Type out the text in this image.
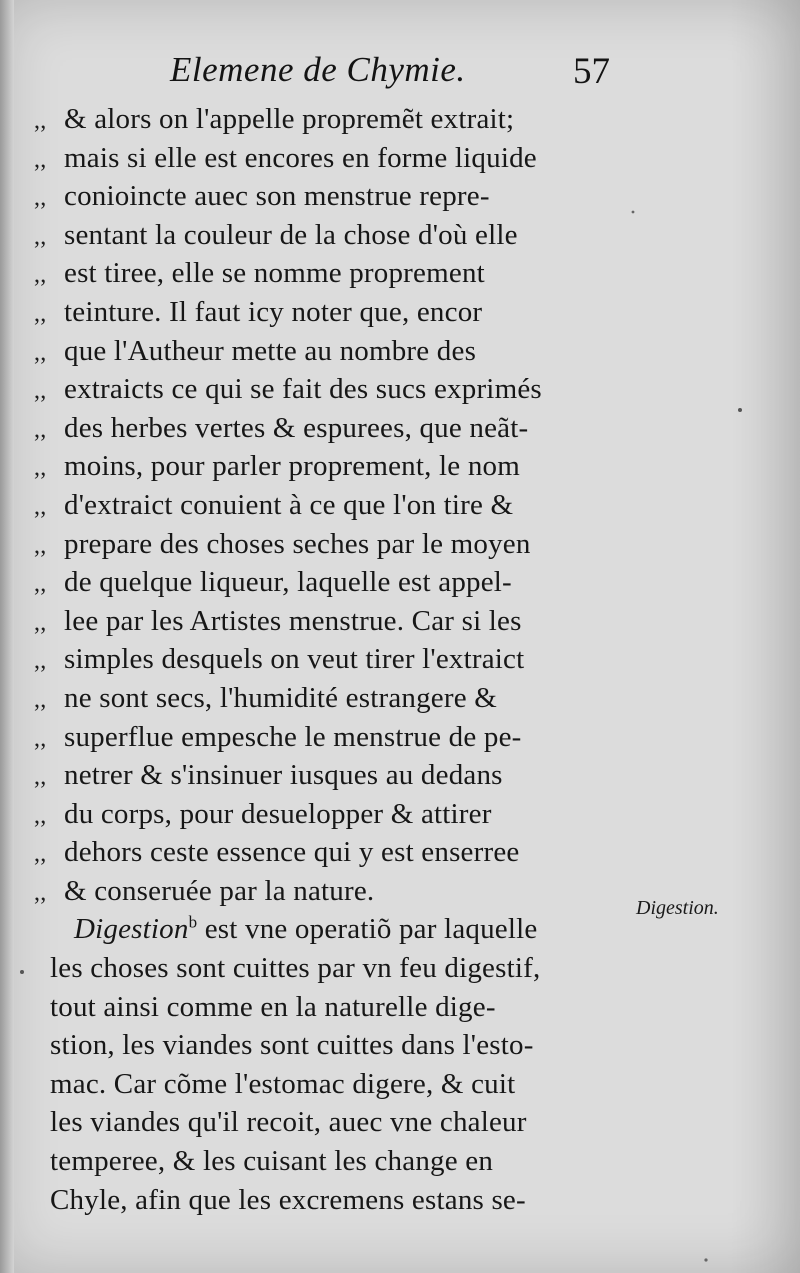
Elemene de Chymie.	57
,, & alors on l'appelle propremẽt extrait;
,, mais si elle est encores en forme liquide
,, conioincte auec son menstrue repre-
,, sentant la couleur de la chose d'où elle
,, est tiree, elle se nomme proprement
,, teinture. Il faut icy noter que, encor
,, que l'Autheur mette au nombre des
,, extraicts ce qui se fait des sucs exprimés
,, des herbes vertes & espurees, que neãt-
,, moins, pour parler proprement, le nom
,, d'extraict conuient à ce que l'on tire &
,, prepare des choses seches par le moyen
,, de quelque liqueur, laquelle est appel-
,, lee par les Artistes menstrue. Car si les
,, simples desquels on veut tirer l'extraict
,, ne sont secs, l'humidité estrangere &
,, superflue empesche le menstrue de pe-
,, netrer & s'insinuer iusques au dedans
,, du corps, pour desuelopper & attirer
,, dehors ceste essence qui y est enserree
,, & conseruée par la nature.
Digestion$^b$ est vne operatiõ par laquelle
les choses sont cuittes par vn feu digestif,
tout ainsi comme en la naturelle dige-
stion, les viandes sont cuittes dans l'esto-
mac. Car cõme l'estomac digere, & cuit
les viandes qu'il recoit, auec vne chaleur
temperee, & les cuisant les change en
Chyle, afin que les excremens estans se-
Digestion.
